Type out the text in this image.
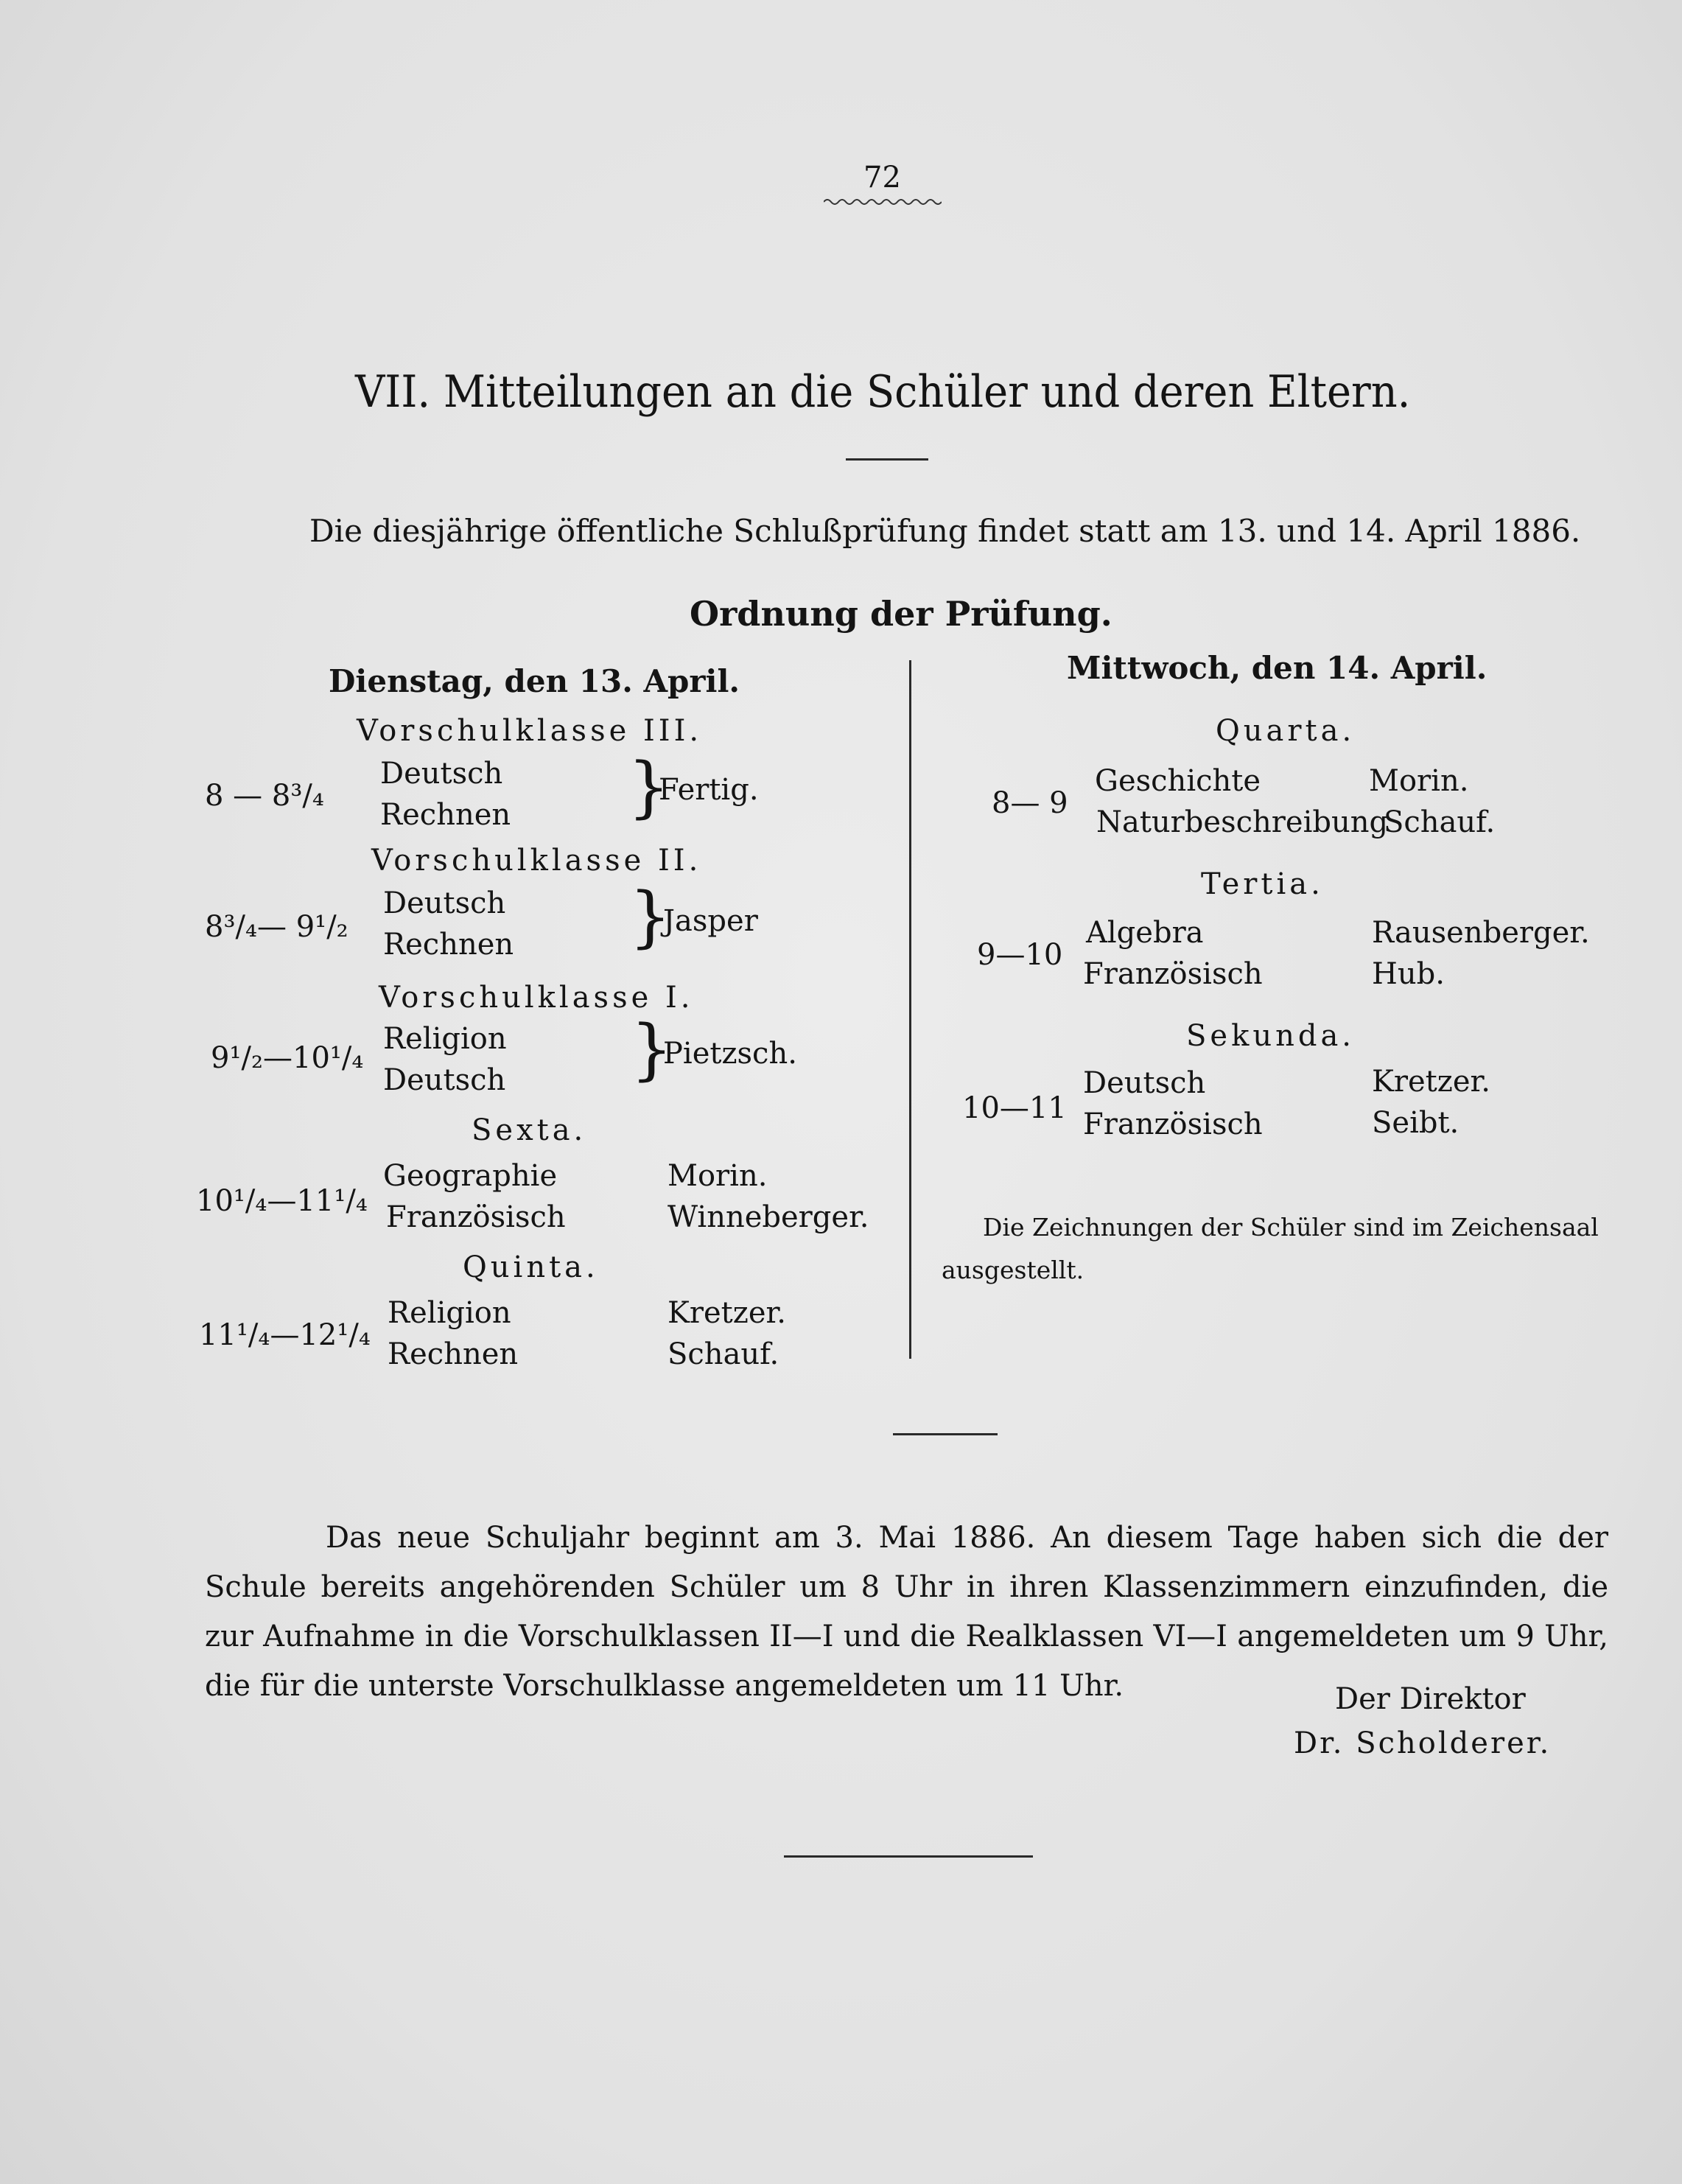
72
VII. Mitteilungen an die Schüler und deren Eltern.
Die diesjährige öffentliche Schlußprüfung findet statt am 13. und 14. April 1886.
Ordnung der Prüfung.
Dienstag, den 13. April.
Vorschulklasse III.
8 — 8³/₄
Deutsch
Rechnen }
Fertig.
Vorschulklasse II.
8³/₄— 9¹/₂
Deutsch
Rechnen }
Jasper
Vorschulklasse I.
9¹/₂—10¹/₄
Religion
Deutsch }
Pietzsch.
Sexta.
10¹/₄—11¹/₄
Geographie
Französisch
Morin.
Winneberger.
Quinta.
11¹/₄—12¹/₄
Religion
Rechnen
Kretzer.
Schauf.
Mittwoch, den 14. April.
Quarta.
8— 9
Geschichte
Naturbeschreibung
Morin.
Schauf.
Tertia.
9—10
Algebra
Französisch
Rausenberger.
Hub.
Sekunda.
10—11
Deutsch
Französisch
Kretzer.
Seibt.
Die Zeichnungen der Schüler sind im Zeichensaal
ausgestellt.

Das neue Schuljahr beginnt am 3. Mai 1886. An diesem Tage haben sich die der Schule bereits angehörenden Schüler um 8 Uhr in ihren Klassenzimmern einzufinden, die zur Aufnahme in die Vorschulklassen II—I und die Realklassen VI—I angemeldeten um 9 Uhr, die für die unterste Vorschulklasse angemeldeten um 11 Uhr.	Der Direktor
Dr. Scholderer.
